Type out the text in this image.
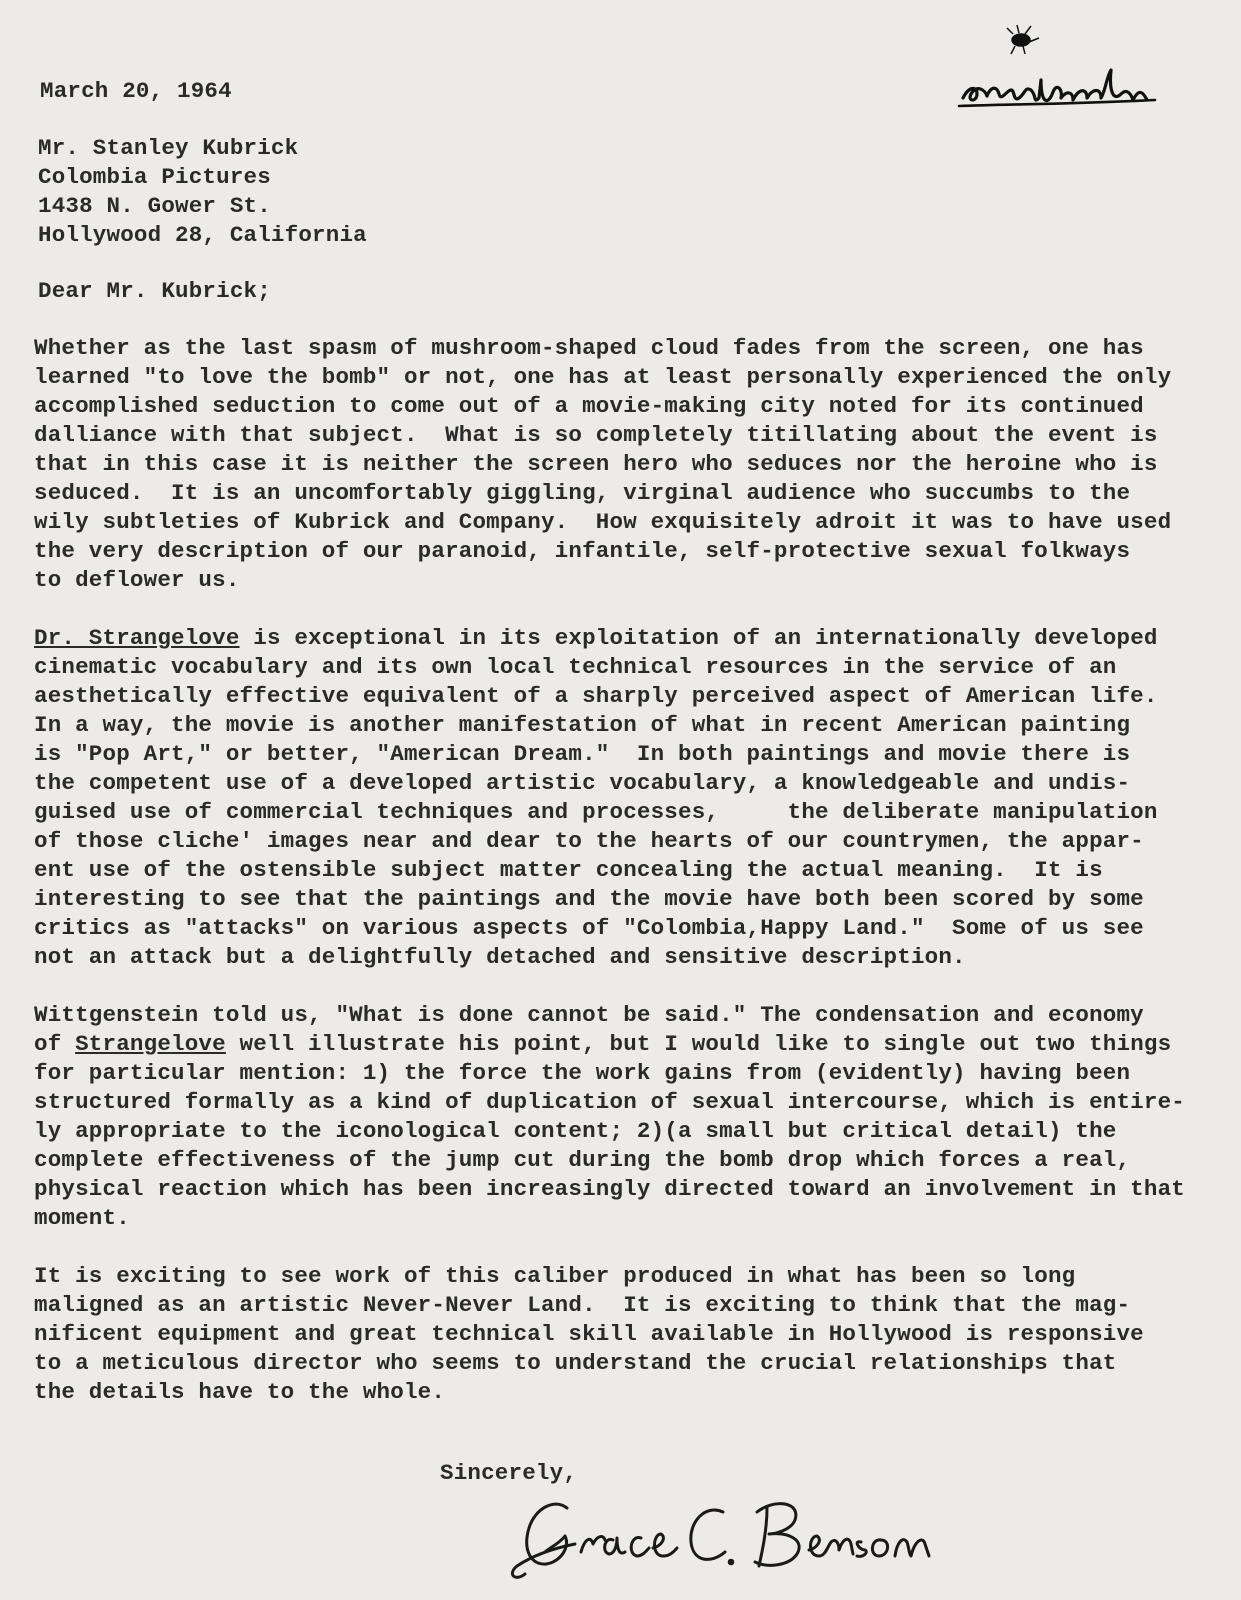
March 20, 1964
Mr. Stanley Kubrick
Colombia Pictures
1438 N. Gower St.
Hollywood 28, California
Dear Mr. Kubrick;
Whether as the last spasm of mushroom-shaped cloud fades from the screen, one has
learned "to love the bomb" or not, one has at least personally experienced the only
accomplished seduction to come out of a movie-making city noted for its continued
dalliance with that subject.  What is so completely titillating about the event is
that in this case it is neither the screen hero who seduces nor the heroine who is
seduced.  It is an uncomfortably giggling, virginal audience who succumbs to the
wily subtleties of Kubrick and Company.  How exquisitely adroit it was to have used
the very description of our paranoid, infantile, self-protective sexual folkways
to deflower us.
Dr. Strangelove is exceptional in its exploitation of an internationally developed
cinematic vocabulary and its own local technical resources in the service of an
aesthetically effective equivalent of a sharply perceived aspect of American life.
In a way, the movie is another manifestation of what in recent American painting
is "Pop Art," or better, "American Dream."  In both paintings and movie there is
the competent use of a developed artistic vocabulary, a knowledgeable and undis-
guised use of commercial techniques and processes,     the deliberate manipulation
of those cliche' images near and dear to the hearts of our countrymen, the appar-
ent use of the ostensible subject matter concealing the actual meaning.  It is
interesting to see that the paintings and the movie have both been scored by some
critics as "attacks" on various aspects of "Colombia,Happy Land."  Some of us see
not an attack but a delightfully detached and sensitive description.
Wittgenstein told us, "What is done cannot be said." The condensation and economy
of Strangelove well illustrate his point, but I would like to single out two things
for particular mention: 1) the force the work gains from (evidently) having been
structured formally as a kind of duplication of sexual intercourse, which is entire-
ly appropriate to the iconological content; 2)(a small but critical detail) the
complete effectiveness of the jump cut during the bomb drop which forces a real,
physical reaction which has been increasingly directed toward an involvement in that
moment.
It is exciting to see work of this caliber produced in what has been so long
maligned as an artistic Never-Never Land.  It is exciting to think that the mag-
nificent equipment and great technical skill available in Hollywood is responsive
to a meticulous director who seems to understand the crucial relationships that
the details have to the whole.
Sincerely,
